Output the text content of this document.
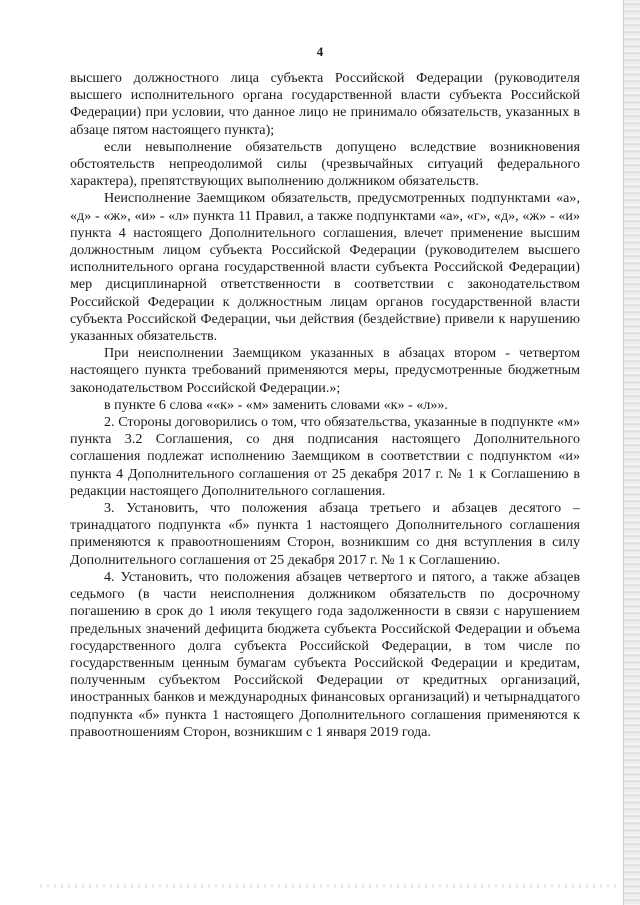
4

высшего должностного лица субъекта Российской Федерации (руководителя высшего исполнительного органа государственной власти субъекта Российской Федерации) при условии, что данное лицо не принимало обязательств, указанных в абзаце пятом настоящего пункта);

если невыполнение обязательств допущено вследствие возникновения обстоятельств непреодолимой силы (чрезвычайных ситуаций федерального характера), препятствующих выполнению должником обязательств.

Неисполнение Заемщиком обязательств, предусмотренных подпунктами «а», «д» - «ж», «и» - «л» пункта 11 Правил, а также подпунктами «а», «г», «д», «ж» - «и» пункта 4 настоящего Дополнительного соглашения, влечет применение высшим должностным лицом субъекта Российской Федерации (руководителем высшего исполнительного органа государственной власти субъекта Российской Федерации) мер дисциплинарной ответственности в соответствии с законодательством Российской Федерации к должностным лицам органов государственной власти субъекта Российской Федерации, чьи действия (бездействие) привели к нарушению указанных обязательств.

При неисполнении Заемщиком указанных в абзацах втором - четвертом настоящего пункта требований применяются меры, предусмотренные бюджетным законодательством Российской Федерации.»;

в пункте 6 слова ««к» - «м» заменить словами «к» - «л»».

2. Стороны договорились о том, что обязательства, указанные в подпункте «м» пункта 3.2 Соглашения, со дня подписания настоящего Дополнительного соглашения подлежат исполнению Заемщиком в соответствии с подпунктом «и» пункта 4 Дополнительного соглашения от 25 декабря 2017 г. № 1 к Соглашению в редакции настоящего Дополнительного соглашения.

3. Установить, что положения абзаца третьего и абзацев десятого – тринадцатого подпункта «б» пункта 1 настоящего Дополнительного соглашения применяются к правоотношениям Сторон, возникшим со дня вступления в силу Дополнительного соглашения от 25 декабря 2017 г. № 1 к Соглашению.

4. Установить, что положения абзацев четвертого и пятого, а также абзацев седьмого (в части неисполнения должником обязательств по досрочному погашению в срок до 1 июля текущего года задолженности в связи с нарушением предельных значений дефицита бюджета субъекта Российской Федерации и объема государственного долга субъекта Российской Федерации, в том числе по государственным ценным бумагам субъекта Российской Федерации и кредитам, полученным субъектом Российской Федерации от кредитных организаций, иностранных банков и международных финансовых организаций) и четырнадцатого подпункта «б» пункта 1 настоящего Дополнительного соглашения применяются к правоотношениям Сторон, возникшим с 1 января 2019 года.
